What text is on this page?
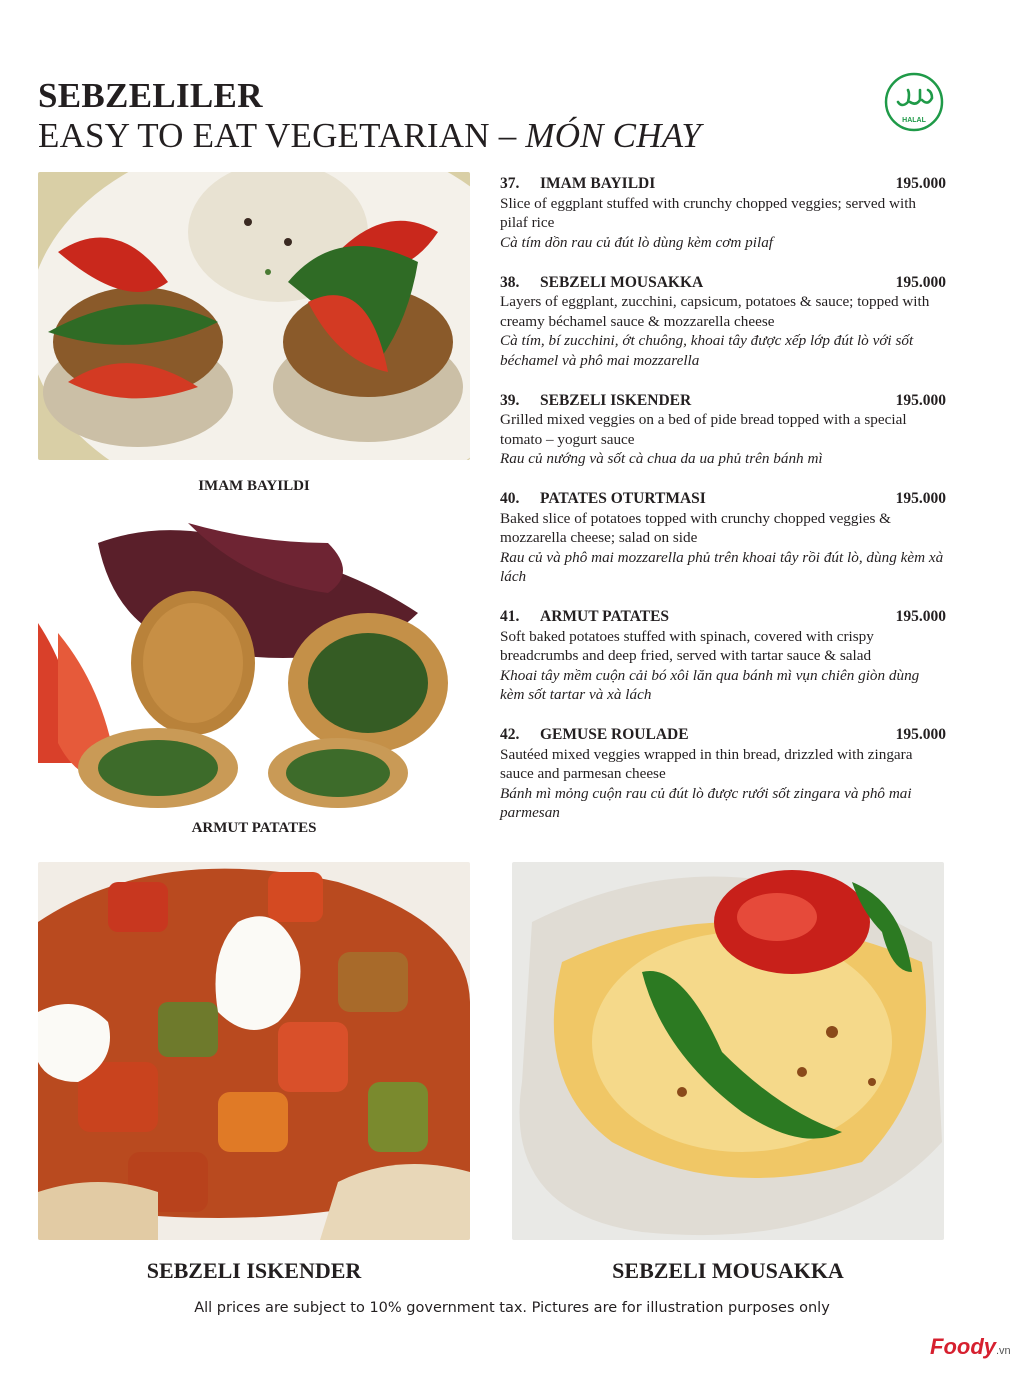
SEBZELILER
EASY TO EAT VEGETARIAN – MÓN CHAY	HALAL
IMAM BAYILDI
ARMUT PATATES
37. IMAM BAYILDI	195.000

Slice of eggplant stuffed with crunchy chopped veggies; served with pilaf rice

Cà tím dồn rau củ đút lò dùng kèm cơm pilaf

38. SEBZELI MOUSAKKA	195.000

Layers of eggplant, zucchini, capsicum, potatoes & sauce; topped with creamy béchamel sauce & mozzarella cheese

Cà tím, bí zucchini, ớt chuông, khoai tây được xếp lớp đút lò với sốt béchamel và phô mai mozzarella

39. SEBZELI ISKENDER	195.000

Grilled mixed veggies on a bed of pide bread topped with a special tomato – yogurt sauce

Rau củ nướng và sốt cà chua da ua phủ trên bánh mì

40. PATATES OTURTMASI	195.000

Baked slice of potatoes topped with crunchy chopped veggies & mozzarella cheese; salad on side

Rau củ và phô mai mozzarella phủ trên khoai tây rồi đút lò, dùng kèm xà lách

41. ARMUT PATATES	195.000

Soft baked potatoes stuffed with spinach, covered with crispy breadcrumbs and deep fried, served with tartar sauce & salad

Khoai tây mềm cuộn cải bó xôi lăn qua bánh mì vụn chiên giòn dùng kèm sốt tartar và xà lách

42. GEMUSE ROULADE	195.000

Sautéed mixed veggies wrapped in thin bread, drizzled with zingara sauce and parmesan cheese

Bánh mì mỏng cuộn rau củ đút lò được rưới sốt zingara và phô mai parmesan

SEBZELI ISKENDER	SEBZELI MOUSAKKA
All prices are subject to 10% government tax. Pictures are for illustration purposes only
Foody.vn
